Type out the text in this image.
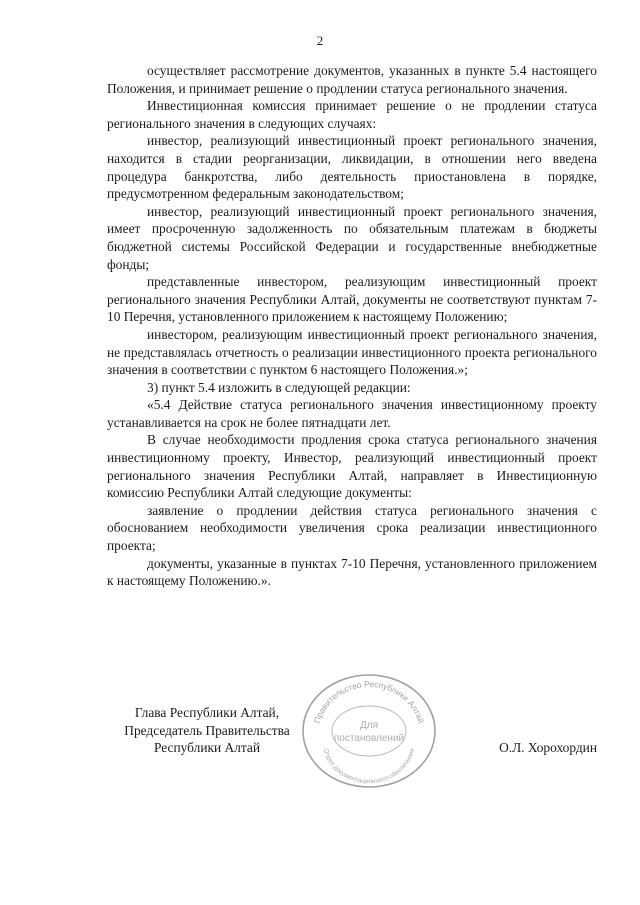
2

осуществляет рассмотрение документов, указанных в пункте 5.4 настоящего Положения, и принимает решение о продлении статуса регионального значения.

Инвестиционная комиссия принимает решение о не продлении статуса регионального значения в следующих случаях:

инвестор, реализующий инвестиционный проект регионального значения, находится в стадии реорганизации, ликвидации, в отношении него введена процедура банкротства, либо деятельность приостановлена в порядке, предусмотренном федеральным законодательством;

инвестор, реализующий инвестиционный проект регионального значения, имеет просроченную задолженность по обязательным платежам в бюджеты бюджетной системы Российской Федерации и государственные внебюджетные фонды;

представленные инвестором, реализующим инвестиционный проект регионального значения Республики Алтай, документы не соответствуют пунктам 7-10 Перечня, установленного приложением к настоящему Положению;

инвестором, реализующим инвестиционный проект регионального значения, не представлялась отчетность о реализации инвестиционного проекта регионального значения в соответствии с пунктом 6 настоящего Положения.»;

3) пункт 5.4 изложить в следующей редакции:

«5.4 Действие статуса регионального значения инвестиционному проекту устанавливается на срок не более пятнадцати лет.

В случае необходимости продления срока статуса регионального значения инвестиционному проекту, Инвестор, реализующий инвестиционный проект регионального значения Республики Алтай, направляет в Инвестиционную комиссию Республики Алтай следующие документы:

заявление о продлении действия статуса регионального значения с обоснованием необходимости увеличения срока реализации инвестиционного проекта;

документы, указанные в пунктах 7-10 Перечня, установленного приложением к настоящему Положению.».

Глава Республики Алтай,
Председатель Правительства
Республики Алтай
Правительство Республики Алтай
Отдел документационного обеспечения
Для
постановлений
О.Л. Хорохордин
